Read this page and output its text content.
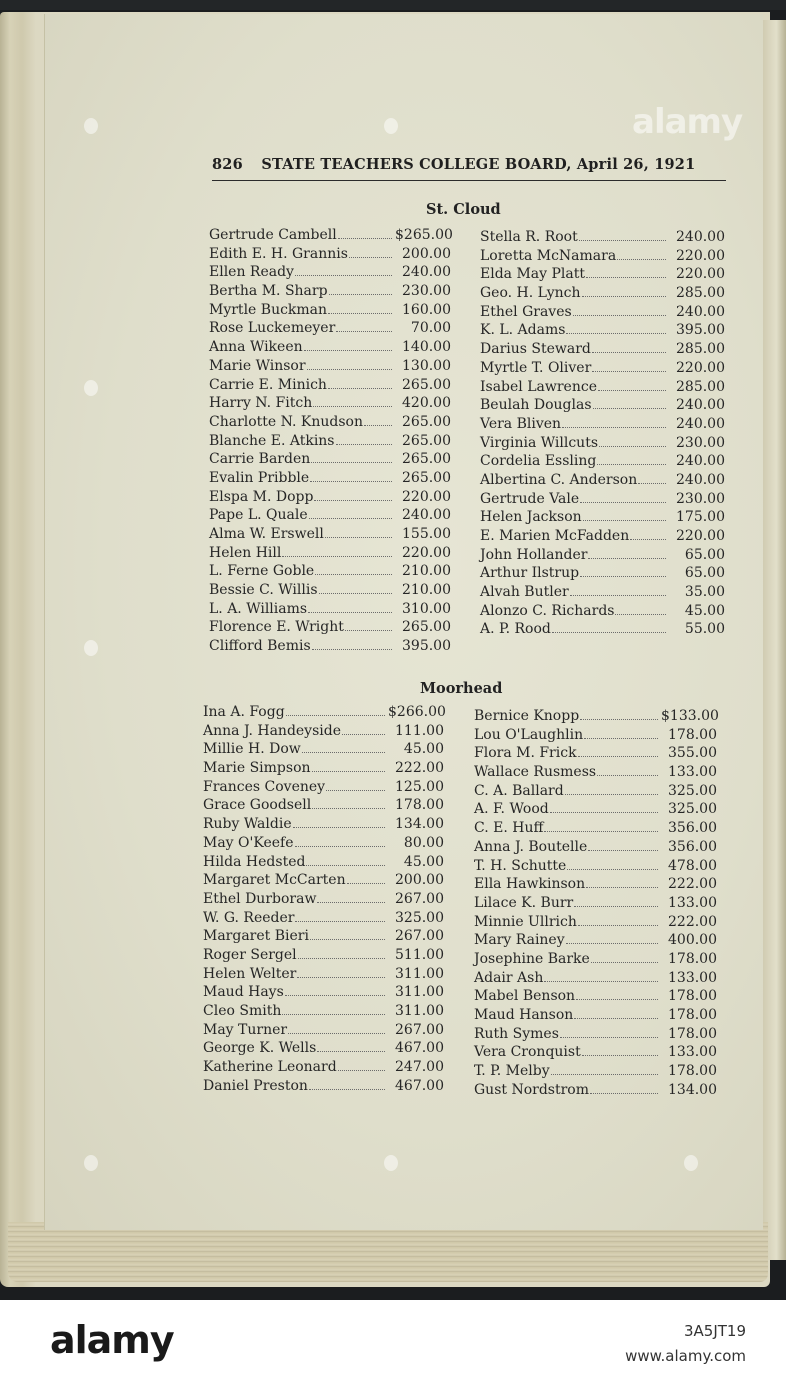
826 STATE TEACHERS COLLEGE BOARD, April 26, 1921
St. Cloud
Gertrude Cambell	$265.00
Edith E. H. Grannis	200.00
Ellen Ready	240.00
Bertha M. Sharp	230.00
Myrtle Buckman	160.00
Rose Luckemeyer	70.00
Anna Wikeen	140.00
Marie Winsor	130.00
Carrie E. Minich	265.00
Harry N. Fitch	420.00
Charlotte N. Knudson	265.00
Blanche E. Atkins	265.00
Carrie Barden	265.00
Evalin Pribble	265.00
Elspa M. Dopp	220.00
Pape L. Quale	240.00
Alma W. Erswell	155.00
Helen Hill	220.00
L. Ferne Goble	210.00
Bessie C. Willis	210.00
L. A. Williams	310.00
Florence E. Wright	265.00
Clifford Bemis	395.00
Stella R. Root	240.00
Loretta McNamara	220.00
Elda May Platt	220.00
Geo. H. Lynch	285.00
Ethel Graves	240.00
K. L. Adams	395.00
Darius Steward	285.00
Myrtle T. Oliver	220.00
Isabel Lawrence	285.00
Beulah Douglas	240.00
Vera Bliven	240.00
Virginia Willcuts	230.00
Cordelia Essling	240.00
Albertina C. Anderson	240.00
Gertrude Vale	230.00
Helen Jackson	175.00
E. Marien McFadden	220.00
John Hollander	65.00
Arthur Ilstrup	65.00
Alvah Butler	35.00
Alonzo C. Richards	45.00
A. P. Rood	55.00
Moorhead
Ina A. Fogg	$266.00
Anna J. Handeyside	111.00
Millie H. Dow	45.00
Marie Simpson	222.00
Frances Coveney	125.00
Grace Goodsell	178.00
Ruby Waldie	134.00
May O'Keefe	80.00
Hilda Hedsted	45.00
Margaret McCarten	200.00
Ethel Durboraw	267.00
W. G. Reeder	325.00
Margaret Bieri	267.00
Roger Sergel	511.00
Helen Welter	311.00
Maud Hays	311.00
Cleo Smith	311.00
May Turner	267.00
George K. Wells	467.00
Katherine Leonard	247.00
Daniel Preston	467.00
Bernice Knopp	$133.00
Lou O'Laughlin	178.00
Flora M. Frick	355.00
Wallace Rusmess	133.00
C. A. Ballard	325.00
A. F. Wood	325.00
C. E. Huff	356.00
Anna J. Boutelle	356.00
T. H. Schutte	478.00
Ella Hawkinson	222.00
Lilace K. Burr	133.00
Minnie Ullrich	222.00
Mary Rainey	400.00
Josephine Barke	178.00
Adair Ash	133.00
Mabel Benson	178.00
Maud Hanson	178.00
Ruth Symes	178.00
Vera Cronquist	133.00
T. P. Melby	178.00
Gust Nordstrom	134.00
alamy
alamy	3A5JT19
www.alamy.com
